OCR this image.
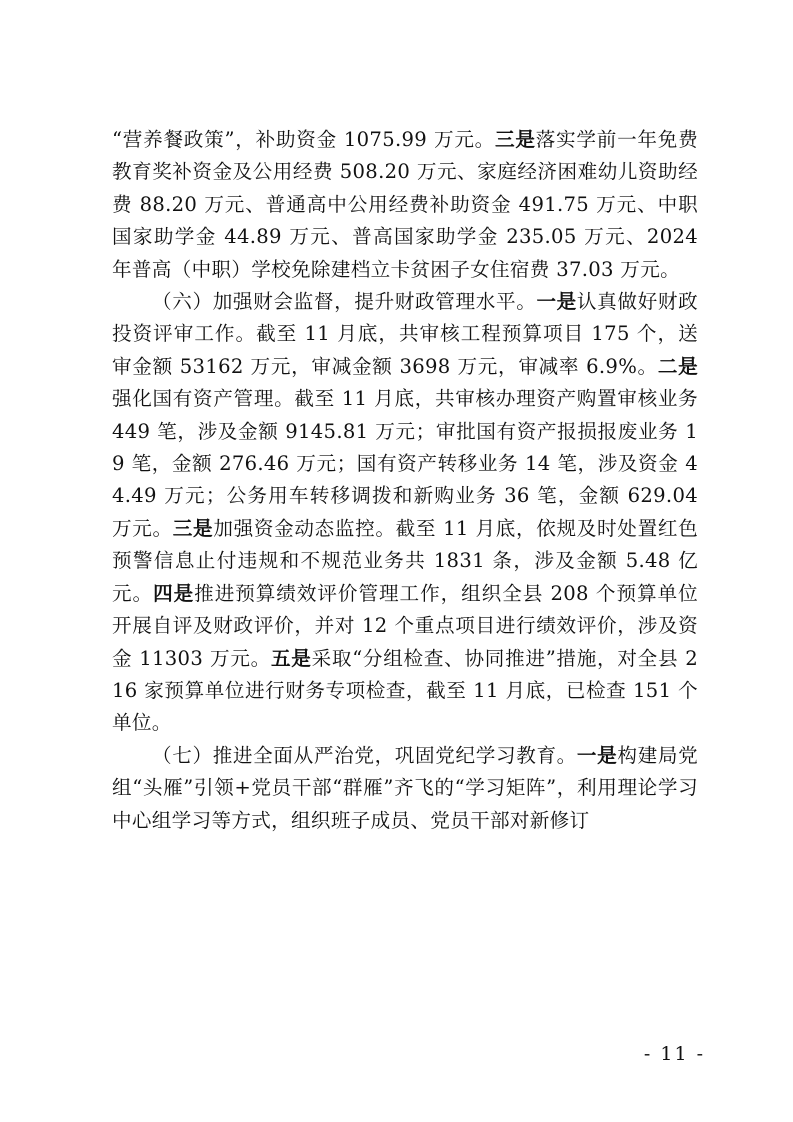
“营养餐政策”，补助资金 1075.99 万元。三是落实学前一年免费教育奖补资金及公用经费 508.20 万元、家庭经济困难幼儿资助经费 88.20 万元、普通高中公用经费补助资金 491.75 万元、中职国家助学金 44.89 万元、普高国家助学金 235.05 万元、2024 年普高（中职）学校免除建档立卡贫困子女住宿费 37.03 万元。

（六）加强财会监督，提升财政管理水平。一是认真做好财政投资评审工作。截至 11 月底，共审核工程预算项目 175 个，送审金额 53162 万元，审减金额 3698 万元，审减率 6.9%。二是强化国有资产管理。截至 11 月底，共审核办理资产购置审核业务 449 笔，涉及金额 9145.81 万元；审批国有资产报损报废业务 19 笔，金额 276.46 万元；国有资产转移业务 14 笔，涉及资金 44.49 万元；公务用车转移调拨和新购业务 36 笔，金额 629.04 万元。三是加强资金动态监控。截至 11 月底，依规及时处置红色预警信息止付违规和不规范业务共 1831 条，涉及金额 5.48 亿元。四是推进预算绩效评价管理工作，组织全县 208 个预算单位开展自评及财政评价，并对 12 个重点项目进行绩效评价，涉及资金 11303 万元。五是采取“分组检查、协同推进”措施，对全县 216 家预算单位进行财务专项检查，截至 11 月底，已检查 151 个单位。

（七）推进全面从严治党，巩固党纪学习教育。一是构建局党组“头雁”引领+党员干部“群雁”齐飞的“学习矩阵”，利用理论学习中心组学习等方式，组织班子成员、党员干部对新修订

- 11 -
